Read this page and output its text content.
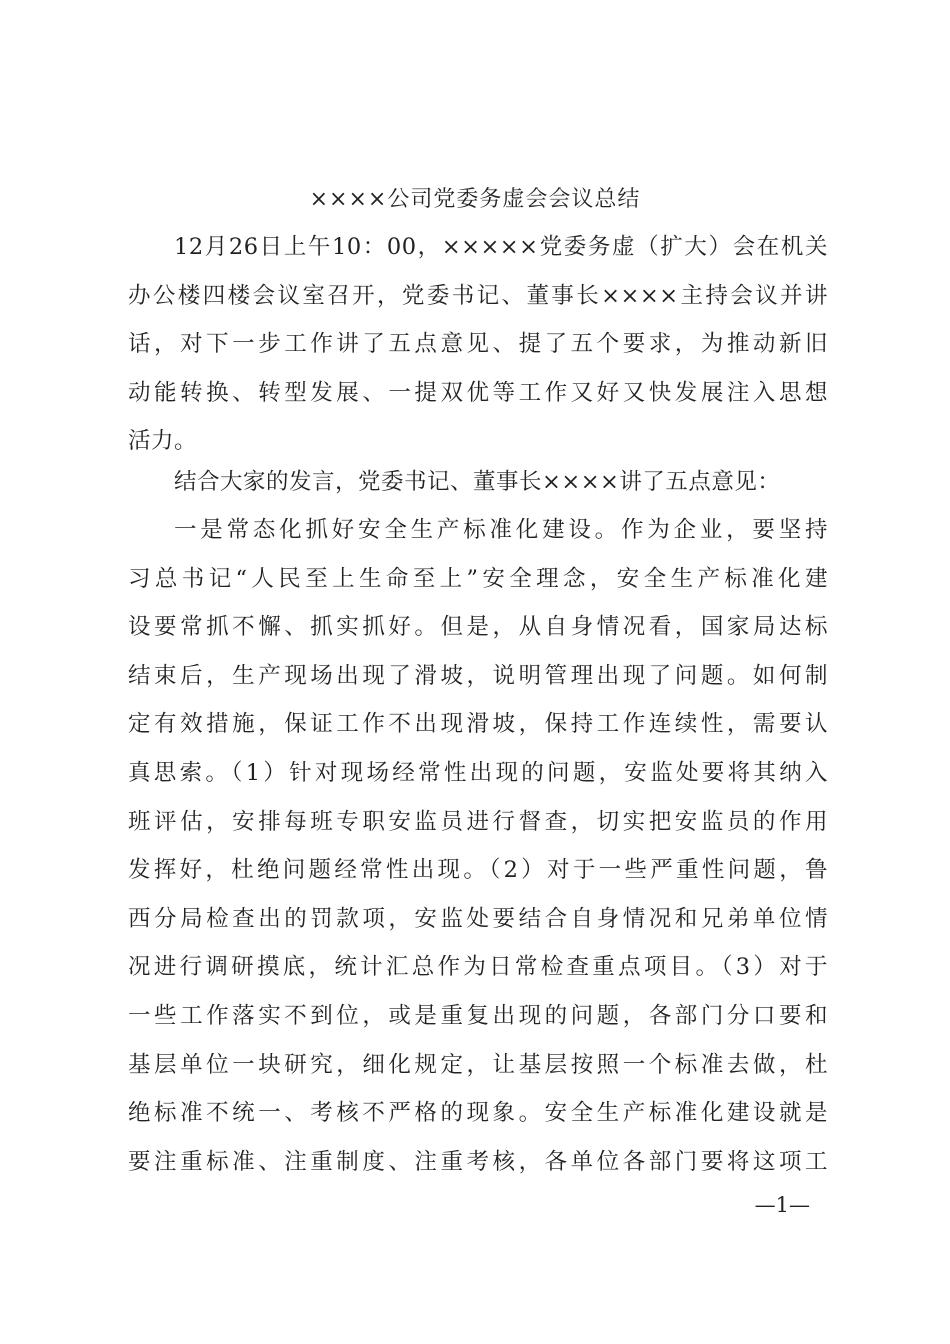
××××公司党委务虚会会议总结
12月26日上午10：00，×××××党委务虚（扩大）会在机关
办公楼四楼会议室召开，党委书记、董事长××××主持会议并讲
话，对下一步工作讲了五点意见、提了五个要求，为推动新旧
动能转换、转型发展、一提双优等工作又好又快发展注入思想
活力。
结合大家的发言，党委书记、董事长××××讲了五点意见：
一是常态化抓好安全生产标准化建设。作为企业，要坚持
习总书记“人民至上生命至上”安全理念，安全生产标准化建
设要常抓不懈、抓实抓好。但是，从自身情况看，国家局达标
结束后，生产现场出现了滑坡，说明管理出现了问题。如何制
定有效措施，保证工作不出现滑坡，保持工作连续性，需要认
真思索。（1）针对现场经常性出现的问题，安监处要将其纳入
班评估，安排每班专职安监员进行督查，切实把安监员的作用
发挥好，杜绝问题经常性出现。（2）对于一些严重性问题，鲁
西分局检查出的罚款项，安监处要结合自身情况和兄弟单位情
况进行调研摸底，统计汇总作为日常检查重点项目。（3）对于
一些工作落实不到位，或是重复出现的问题，各部门分口要和
基层单位一块研究，细化规定，让基层按照一个标准去做，杜
绝标准不统一、考核不严格的现象。安全生产标准化建设就是
要注重标准、注重制度、注重考核，各单位各部门要将这项工
—1—
